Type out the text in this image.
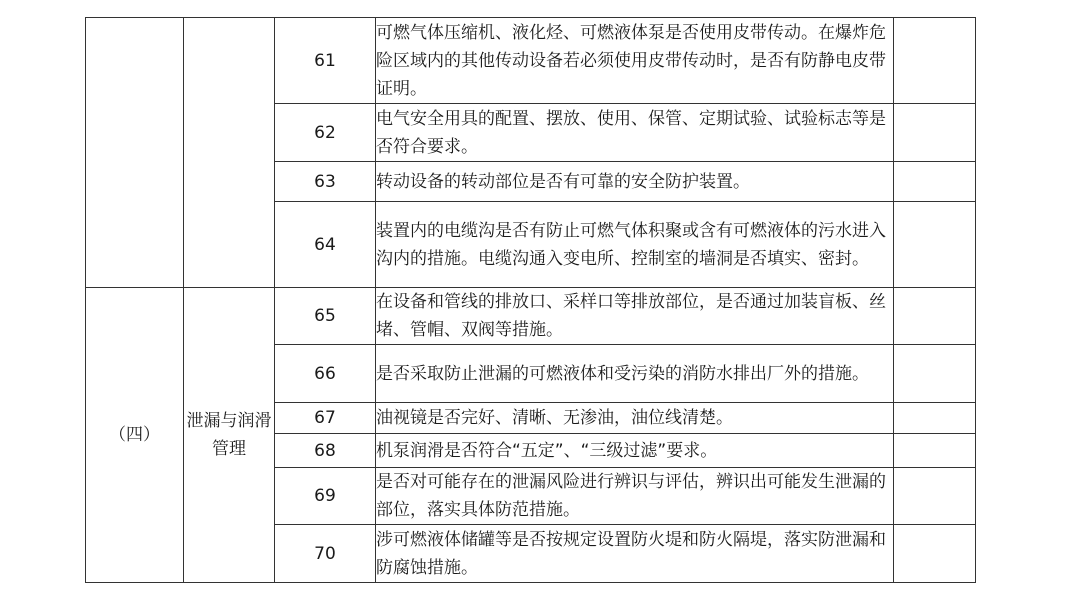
		61	可燃气体压缩机、液化烃、可燃液体泵是否使用皮带传动。在爆炸危险区域内的其他传动设备若必须使用皮带传动时，是否有防静电皮带证明。	
		62	电气安全用具的配置、摆放、使用、保管、定期试验、试验标志等是否符合要求。	
		63	转动设备的转动部位是否有可靠的安全防护装置。	
		64	装置内的电缆沟是否有防止可燃气体积聚或含有可燃液体的污水进入沟内的措施。电缆沟通入变电所、控制室的墙洞是否填实、密封。	
（四）	泄漏与润滑管理	65	在设备和管线的排放口、采样口等排放部位，是否通过加装盲板、丝堵、管帽、双阀等措施。	
		66	是否采取防止泄漏的可燃液体和受污染的消防水排出厂外的措施。	
		67	油视镜是否完好、清晰、无渗油，油位线清楚。	
		68	机泵润滑是否符合“五定”、“三级过滤”要求。	
		69	是否对可能存在的泄漏风险进行辨识与评估，辨识出可能发生泄漏的部位，落实具体防范措施。	
		70	涉可燃液体储罐等是否按规定设置防火堤和防火隔堤，落实防泄漏和防腐蚀措施。	
